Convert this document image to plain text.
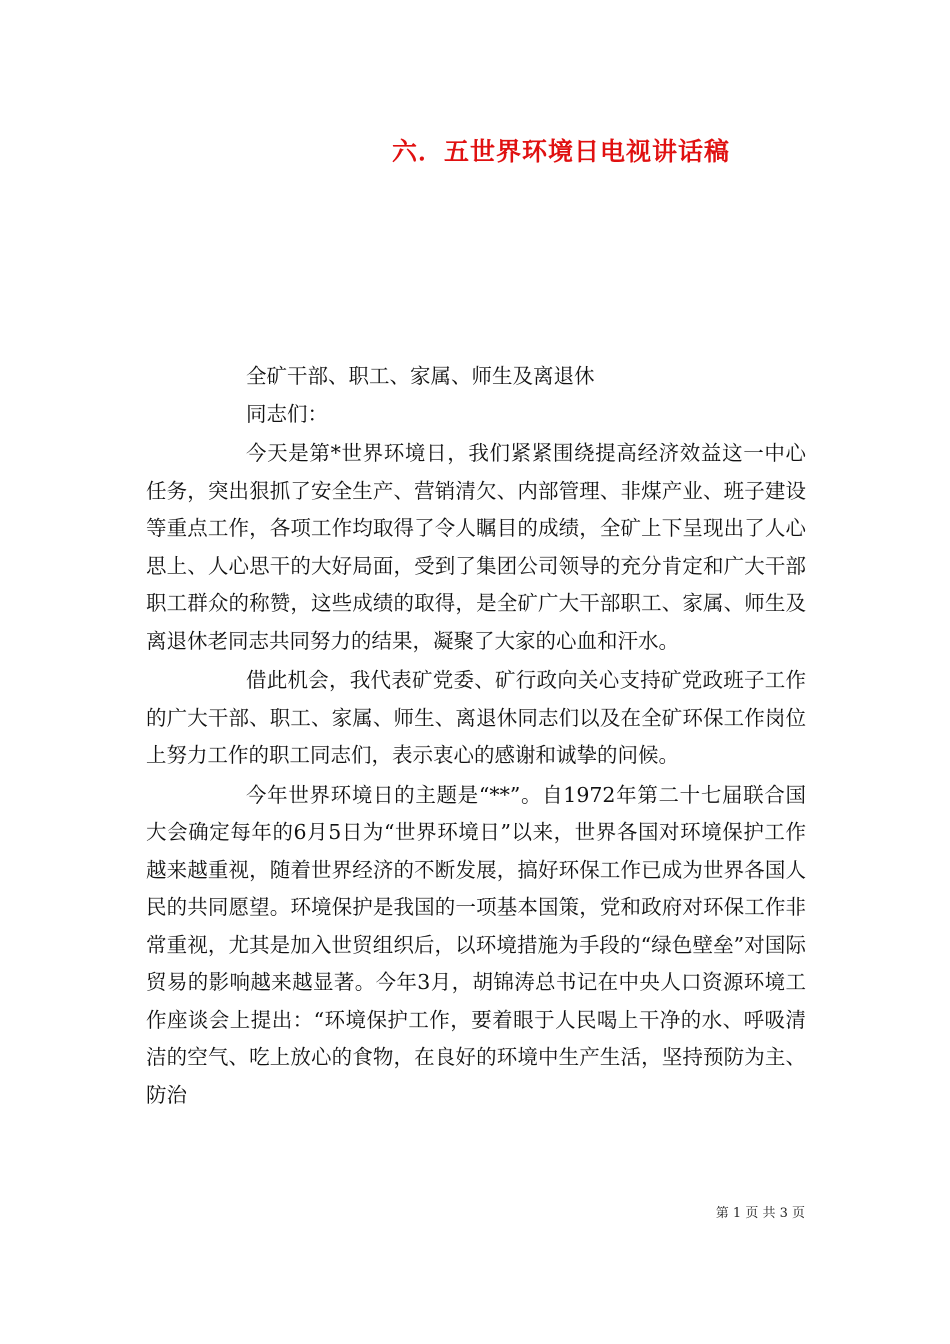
六．五世界环境日电视讲话稿

全矿干部、职工、家属、师生及离退休

同志们：

今天是第*世界环境日，我们紧紧围绕提高经济效益这一中心任务，突出狠抓了安全生产、营销清欠、内部管理、非煤产业、班子建设等重点工作，各项工作均取得了令人瞩目的成绩，全矿上下呈现出了人心思上、人心思干的大好局面，受到了集团公司领导的充分肯定和广大干部职工群众的称赞，这些成绩的取得，是全矿广大干部职工、家属、师生及离退休老同志共同努力的结果，凝聚了大家的心血和汗水。

借此机会，我代表矿党委、矿行政向关心支持矿党政班子工作的广大干部、职工、家属、师生、离退休同志们以及在全矿环保工作岗位上努力工作的职工同志们，表示衷心的感谢和诚挚的问候。

今年世界环境日的主题是“**”。自1972年第二十七届联合国大会确定每年的6月5日为“世界环境日”以来，世界各国对环境保护工作越来越重视，随着世界经济的不断发展，搞好环保工作已成为世界各国人民的共同愿望。环境保护是我国的一项基本国策，党和政府对环保工作非常重视，尤其是加入世贸组织后，以环境措施为手段的“绿色壁垒”对国际贸易的影响越来越显著。今年3月，胡锦涛总书记在中央人口资源环境工作座谈会上提出：“环境保护工作，要着眼于人民喝上干净的水、呼吸清洁的空气、吃上放心的食物，在良好的环境中生产生活，坚持预防为主、防治

第 1 页 共 3 页
